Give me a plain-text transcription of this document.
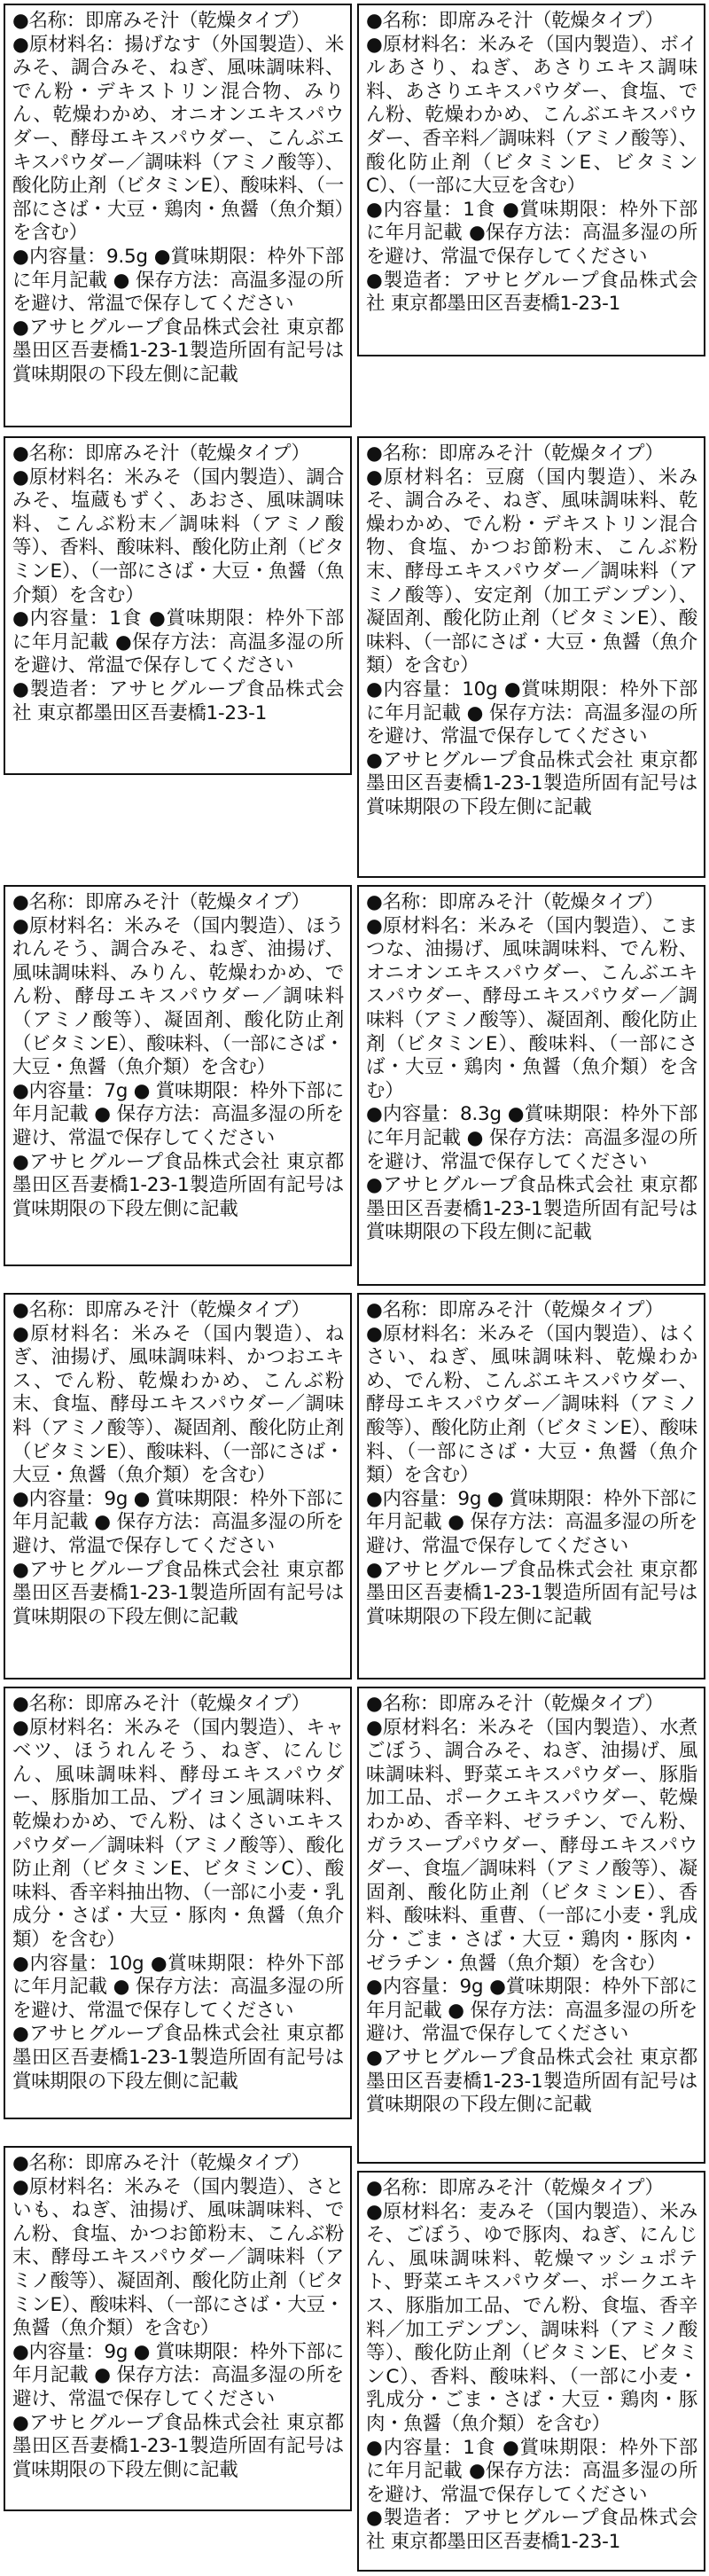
●名称：即席みそ汁（乾燥タイプ）

●原材料名：揚げなす（外国製造）、米みそ、調合みそ、ねぎ、風味調味料、でん粉・デキストリン混合物、みりん、乾燥わかめ、オニオンエキスパウダー、酵母エキスパウダー、こんぶエキスパウダー／調味料（アミノ酸等）、酸化防止剤（ビタミンE）、酸味料、（一部にさば・大豆・鶏肉・魚醤（魚介類）を含む）

●内容量：9.5g ●賞味期限：枠外下部に年月記載 ● 保存方法：高温多湿の所を避け、常温で保存してください

●アサヒグループ食品株式会社 東京都墨田区吾妻橋1-23-1製造所固有記号は賞味期限の下段左側に記載

●名称：即席みそ汁（乾燥タイプ）

●原材料名：米みそ（国内製造）、ボイルあさり、ねぎ、あさりエキス調味料、あさりエキスパウダー、食塩、でん粉、乾燥わかめ、こんぶエキスパウダー、香辛料／調味料（アミノ酸等）、酸化防止剤（ビタミンE、ビタミンC）、（一部に大豆を含む）

●内容量：1食 ●賞味期限：枠外下部に年月記載 ●保存方法：高温多湿の所を避け、常温で保存してください

●製造者：アサヒグループ食品株式会社 東京都墨田区吾妻橋1-23-1

●名称：即席みそ汁（乾燥タイプ）

●原材料名：米みそ（国内製造）、調合みそ、塩蔵もずく、あおさ、風味調味料、こんぶ粉末／調味料（アミノ酸等）、香料、酸味料、酸化防止剤（ビタミンE）、（一部にさば・大豆・魚醤（魚介類）を含む）

●内容量：1食 ●賞味期限：枠外下部に年月記載 ●保存方法：高温多湿の所を避け、常温で保存してください

●製造者：アサヒグループ食品株式会社 東京都墨田区吾妻橋1-23-1

●名称：即席みそ汁（乾燥タイプ）

●原材料名：豆腐（国内製造）、米みそ、調合みそ、ねぎ、風味調味料、乾燥わかめ、でん粉・デキストリン混合物、食塩、かつお節粉末、こんぶ粉末、酵母エキスパウダー／調味料（アミノ酸等）、安定剤（加工デンプン）、凝固剤、酸化防止剤（ビタミンE）、酸味料、（一部にさば・大豆・魚醤（魚介類）を含む）

●内容量：10g ●賞味期限：枠外下部に年月記載 ● 保存方法：高温多湿の所を避け、常温で保存してください

●アサヒグループ食品株式会社 東京都墨田区吾妻橋1-23-1製造所固有記号は賞味期限の下段左側に記載

●名称：即席みそ汁（乾燥タイプ）

●原材料名：米みそ（国内製造）、ほうれんそう、調合みそ、ねぎ、油揚げ、風味調味料、みりん、乾燥わかめ、でん粉、酵母エキスパウダー／調味料（アミノ酸等）、凝固剤、酸化防止剤（ビタミンE）、酸味料、（一部にさば・大豆・魚醤（魚介類）を含む）

●内容量：7g ● 賞味期限：枠外下部に年月記載 ● 保存方法：高温多湿の所を避け、常温で保存してください

●アサヒグループ食品株式会社 東京都墨田区吾妻橋1-23-1製造所固有記号は賞味期限の下段左側に記載

●名称：即席みそ汁（乾燥タイプ）

●原材料名：米みそ（国内製造）、こまつな、油揚げ、風味調味料、でん粉、オニオンエキスパウダー、こんぶエキスパウダー、酵母エキスパウダー／調味料（アミノ酸等）、凝固剤、酸化防止剤（ビタミンE）、酸味料、（一部にさば・大豆・鶏肉・魚醤（魚介類）を含む）

●内容量：8.3g ●賞味期限：枠外下部に年月記載 ● 保存方法：高温多湿の所を避け、常温で保存してください

●アサヒグループ食品株式会社 東京都墨田区吾妻橋1-23-1製造所固有記号は賞味期限の下段左側に記載

●名称：即席みそ汁（乾燥タイプ）

●原材料名：米みそ（国内製造）、ねぎ、油揚げ、風味調味料、かつおエキス、でん粉、乾燥わかめ、こんぶ粉末、食塩、酵母エキスパウダー／調味料（アミノ酸等）、凝固剤、酸化防止剤（ビタミンE）、酸味料、（一部にさば・大豆・魚醤（魚介類）を含む）

●内容量：9g ● 賞味期限：枠外下部に年月記載 ● 保存方法：高温多湿の所を避け、常温で保存してください

●アサヒグループ食品株式会社 東京都墨田区吾妻橋1-23-1製造所固有記号は賞味期限の下段左側に記載

●名称：即席みそ汁（乾燥タイプ）

●原材料名：米みそ（国内製造）、はくさい、ねぎ、風味調味料、乾燥わかめ、でん粉、こんぶエキスパウダー、酵母エキスパウダー／調味料（アミノ酸等）、酸化防止剤（ビタミンE）、酸味料、（一部にさば・大豆・魚醤（魚介類）を含む）

●内容量：9g ● 賞味期限：枠外下部に年月記載 ● 保存方法：高温多湿の所を避け、常温で保存してください

●アサヒグループ食品株式会社 東京都墨田区吾妻橋1-23-1製造所固有記号は賞味期限の下段左側に記載

●名称：即席みそ汁（乾燥タイプ）

●原材料名：米みそ（国内製造）、キャベツ、ほうれんそう、ねぎ、にんじん、風味調味料、酵母エキスパウダー、豚脂加工品、ブイヨン風調味料、乾燥わかめ、でん粉、はくさいエキスパウダー／調味料（アミノ酸等）、酸化防止剤（ビタミンE、ビタミンC）、酸味料、香辛料抽出物、（一部に小麦・乳成分・さば・大豆・豚肉・魚醤（魚介類）を含む）

●内容量：10g ●賞味期限：枠外下部に年月記載 ● 保存方法：高温多湿の所を避け、常温で保存してください

●アサヒグループ食品株式会社 東京都墨田区吾妻橋1-23-1製造所固有記号は賞味期限の下段左側に記載

●名称：即席みそ汁（乾燥タイプ）

●原材料名：米みそ（国内製造）、水煮ごぼう、調合みそ、ねぎ、油揚げ、風味調味料、野菜エキスパウダー、豚脂加工品、ポークエキスパウダー、乾燥わかめ、香辛料、ゼラチン、でん粉、ガラスープパウダー、酵母エキスパウダー、食塩／調味料（アミノ酸等）、凝固剤、酸化防止剤（ビタミンE）、香料、酸味料、重曹、（一部に小麦・乳成分・ごま・さば・大豆・鶏肉・豚肉・ゼラチン・魚醤（魚介類）を含む）

●内容量：9g ●賞味期限：枠外下部に年月記載 ● 保存方法：高温多湿の所を避け、常温で保存してください

●アサヒグループ食品株式会社 東京都墨田区吾妻橋1-23-1製造所固有記号は賞味期限の下段左側に記載

●名称：即席みそ汁（乾燥タイプ）

●原材料名：米みそ（国内製造）、さといも、ねぎ、油揚げ、風味調味料、でん粉、食塩、かつお節粉末、こんぶ粉末、酵母エキスパウダー／調味料（アミノ酸等）、凝固剤、酸化防止剤（ビタミンE）、酸味料、（一部にさば・大豆・魚醤（魚介類）を含む）

●内容量：9g ● 賞味期限：枠外下部に年月記載 ● 保存方法：高温多湿の所を避け、常温で保存してください

●アサヒグループ食品株式会社 東京都墨田区吾妻橋1-23-1製造所固有記号は賞味期限の下段左側に記載

●名称：即席みそ汁（乾燥タイプ）

●原材料名：麦みそ（国内製造）、米みそ、ごぼう、ゆで豚肉、ねぎ、にんじん、風味調味料、乾燥マッシュポテト、野菜エキスパウダー、ポークエキス、豚脂加工品、でん粉、食塩、香辛料／加工デンプン、調味料（アミノ酸等）、酸化防止剤（ビタミンE、ビタミンC）、香料、酸味料、（一部に小麦・乳成分・ごま・さば・大豆・鶏肉・豚肉・魚醤（魚介類）を含む）

●内容量：1食 ●賞味期限：枠外下部に年月記載 ●保存方法：高温多湿の所を避け、常温で保存してください

●製造者：アサヒグループ食品株式会社 東京都墨田区吾妻橋1-23-1
